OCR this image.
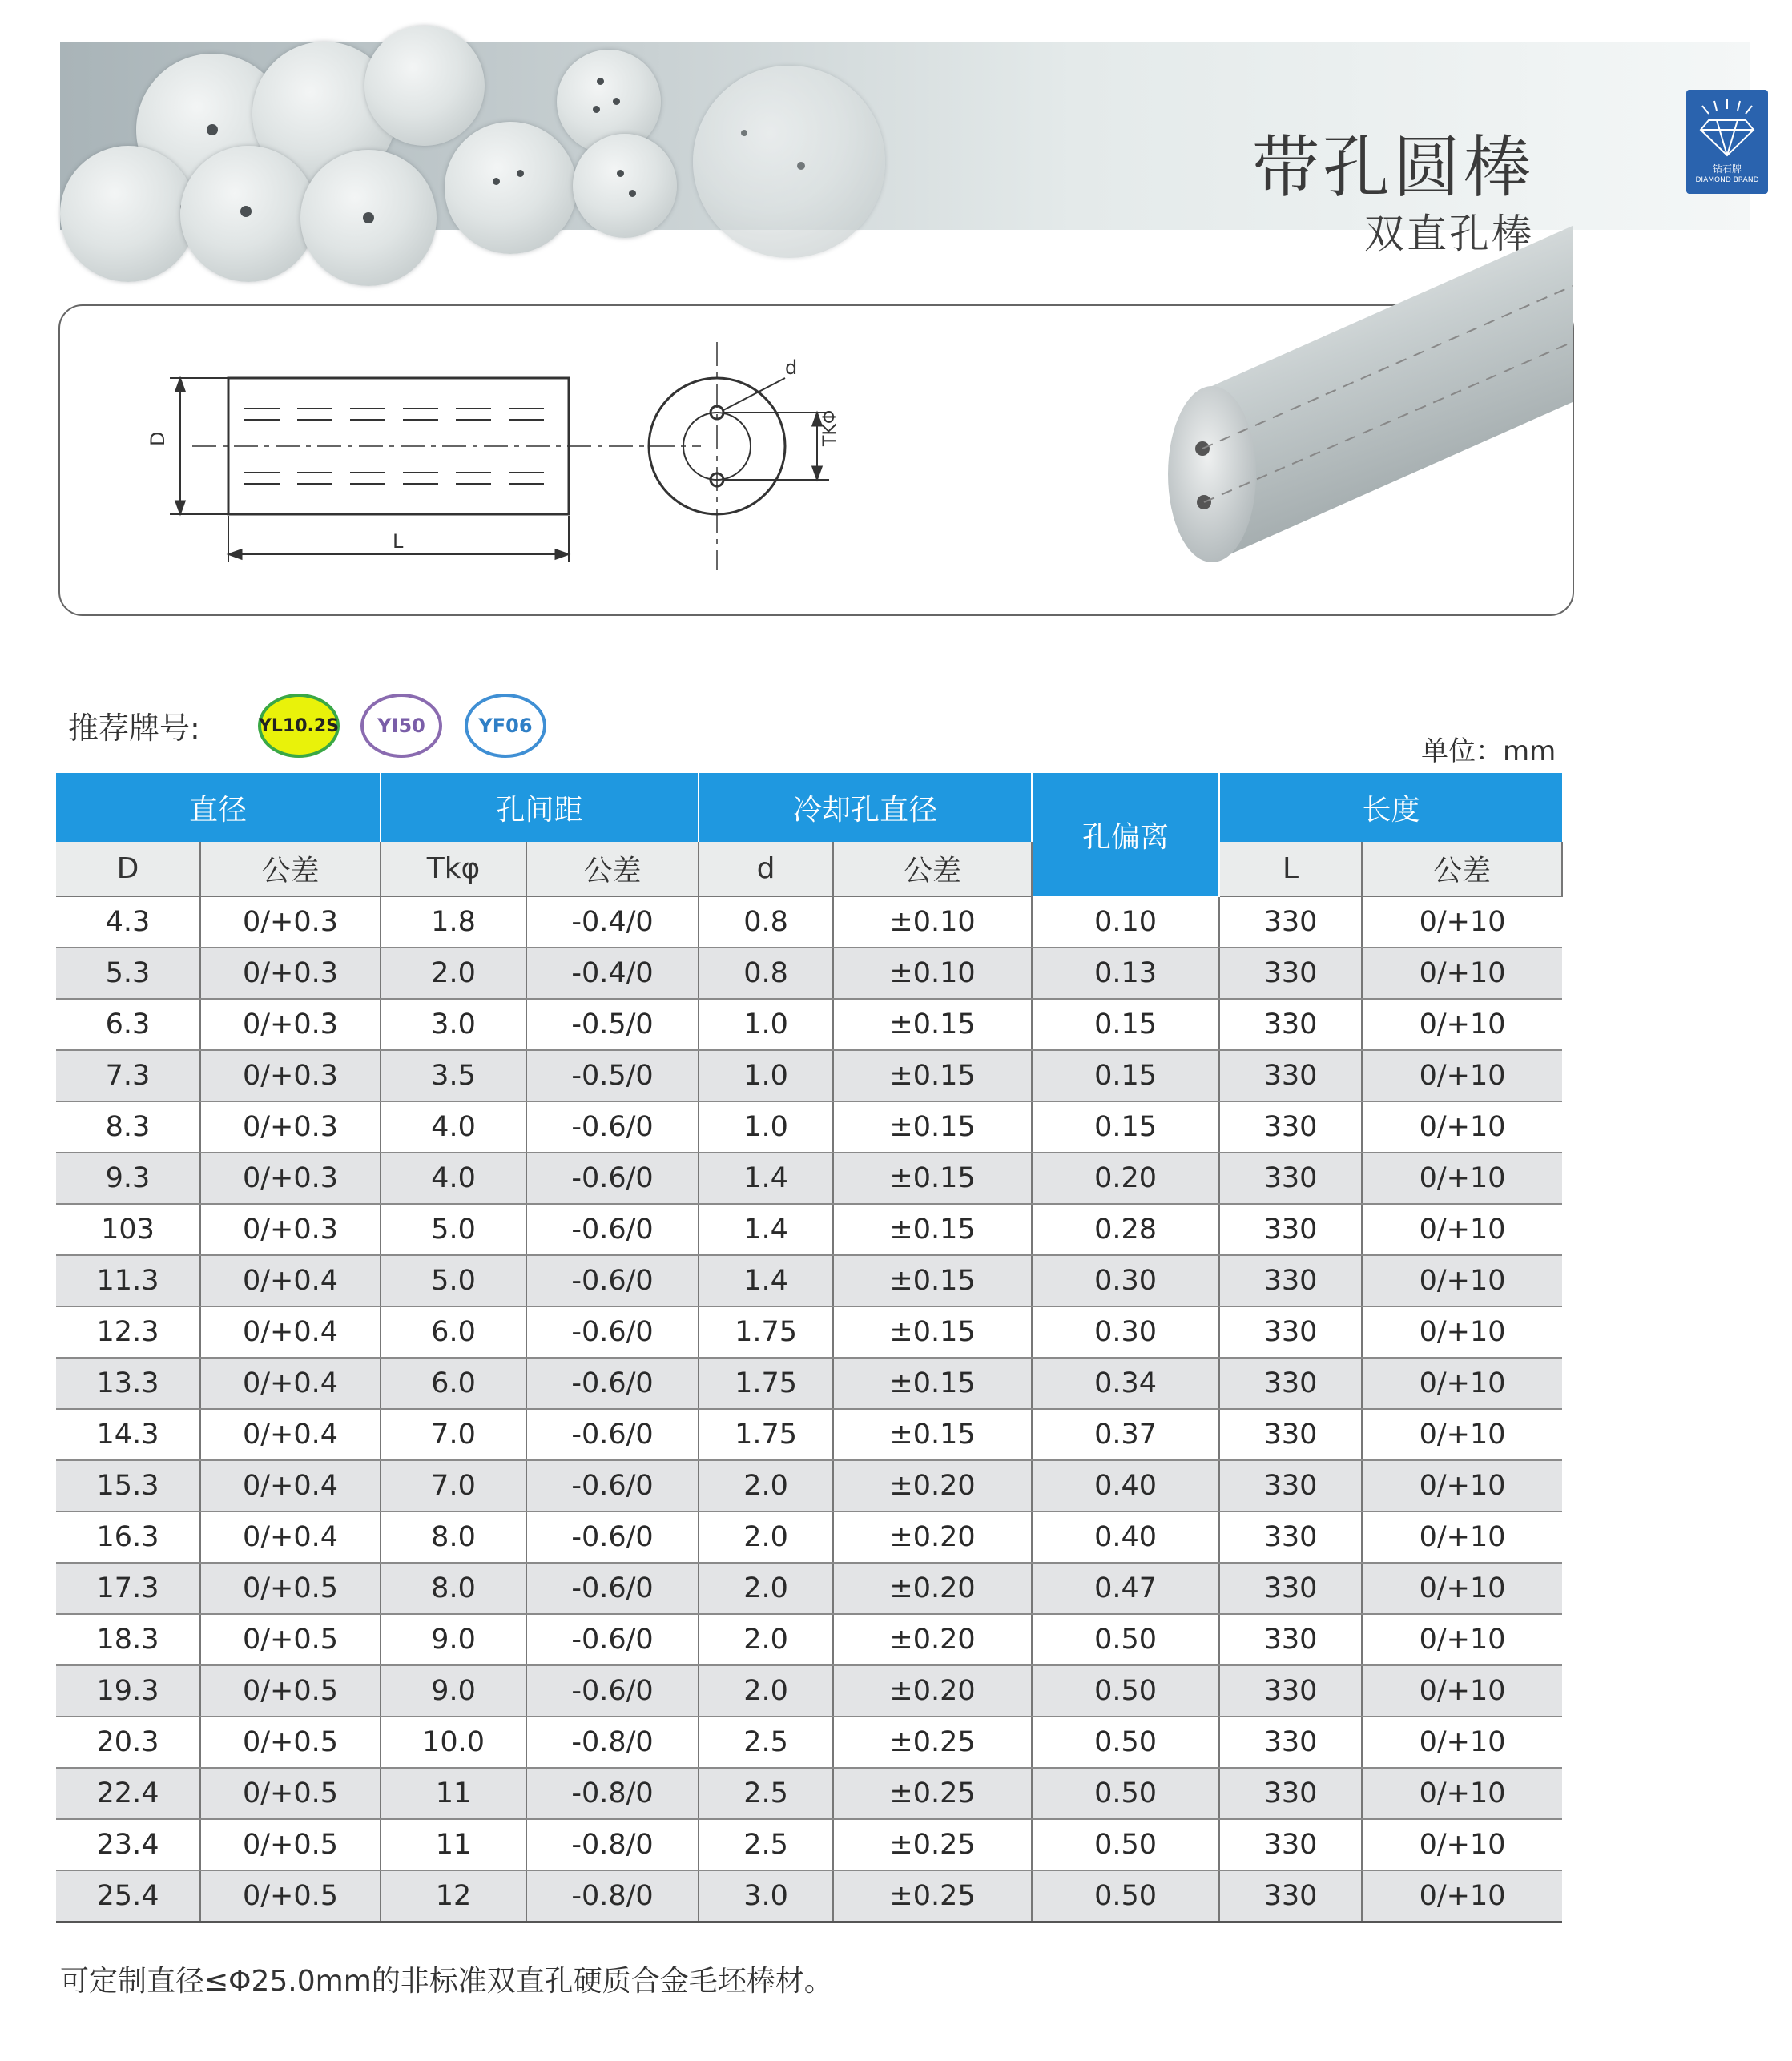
带孔圆棒
双直孔棒
钻石牌
DIAMOND BRAND
D
L
d
TKΦ
推荐牌号:	YL10.2S	YI50	YF06
单位：mm
直径		孔间距		冷却孔直径		孔偏离	长度	
D	公差	Tkφ	公差	d	公差		L	公差
4.3	0/+0.3	1.8	-0.4/0	0.8	±0.10	0.10	330	0/+10
5.3	0/+0.3	2.0	-0.4/0	0.8	±0.10	0.13	330	0/+10
6.3	0/+0.3	3.0	-0.5/0	1.0	±0.15	0.15	330	0/+10
7.3	0/+0.3	3.5	-0.5/0	1.0	±0.15	0.15	330	0/+10
8.3	0/+0.3	4.0	-0.6/0	1.0	±0.15	0.15	330	0/+10
9.3	0/+0.3	4.0	-0.6/0	1.4	±0.15	0.20	330	0/+10
103	0/+0.3	5.0	-0.6/0	1.4	±0.15	0.28	330	0/+10
11.3	0/+0.4	5.0	-0.6/0	1.4	±0.15	0.30	330	0/+10
12.3	0/+0.4	6.0	-0.6/0	1.75	±0.15	0.30	330	0/+10
13.3	0/+0.4	6.0	-0.6/0	1.75	±0.15	0.34	330	0/+10
14.3	0/+0.4	7.0	-0.6/0	1.75	±0.15	0.37	330	0/+10
15.3	0/+0.4	7.0	-0.6/0	2.0	±0.20	0.40	330	0/+10
16.3	0/+0.4	8.0	-0.6/0	2.0	±0.20	0.40	330	0/+10
17.3	0/+0.5	8.0	-0.6/0	2.0	±0.20	0.47	330	0/+10
18.3	0/+0.5	9.0	-0.6/0	2.0	±0.20	0.50	330	0/+10
19.3	0/+0.5	9.0	-0.6/0	2.0	±0.20	0.50	330	0/+10
20.3	0/+0.5	10.0	-0.8/0	2.5	±0.25	0.50	330	0/+10
22.4	0/+0.5	11	-0.8/0	2.5	±0.25	0.50	330	0/+10
23.4	0/+0.5	11	-0.8/0	2.5	±0.25	0.50	330	0/+10
25.4	0/+0.5	12	-0.8/0	3.0	±0.25	0.50	330	0/+10
可定制直径≤Φ25.0mm的非标准双直孔硬质合金毛坯棒材。
